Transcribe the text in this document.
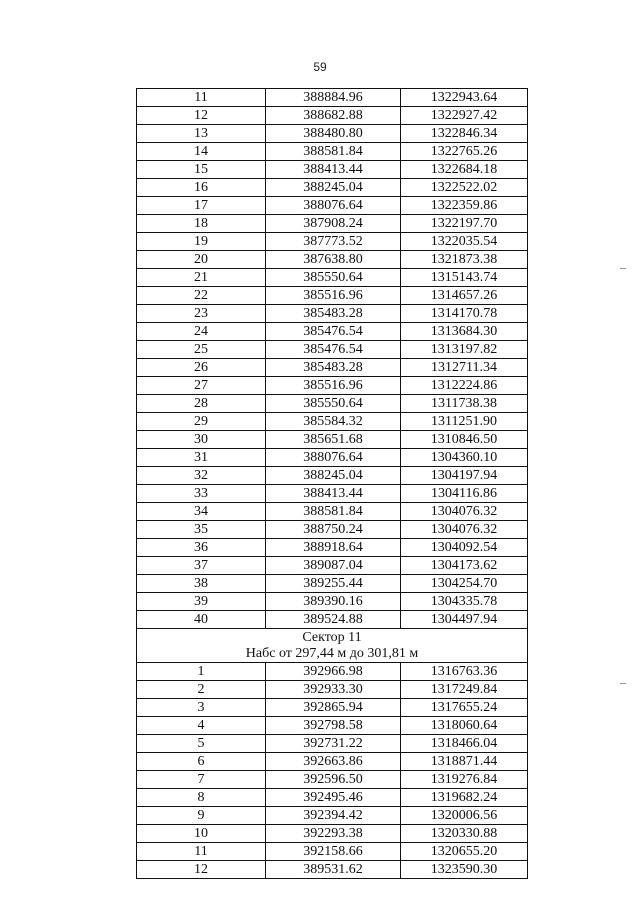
59
11	388884.96	1322943.64
12	388682.88	1322927.42
13	388480.80	1322846.34
14	388581.84	1322765.26
15	388413.44	1322684.18
16	388245.04	1322522.02
17	388076.64	1322359.86
18	387908.24	1322197.70
19	387773.52	1322035.54
20	387638.80	1321873.38
21	385550.64	1315143.74
22	385516.96	1314657.26
23	385483.28	1314170.78
24	385476.54	1313684.30
25	385476.54	1313197.82
26	385483.28	1312711.34
27	385516.96	1312224.86
28	385550.64	1311738.38
29	385584.32	1311251.90
30	385651.68	1310846.50
31	388076.64	1304360.10
32	388245.04	1304197.94
33	388413.44	1304116.86
34	388581.84	1304076.32
35	388750.24	1304076.32
36	388918.64	1304092.54
37	389087.04	1304173.62
38	389255.44	1304254.70
39	389390.16	1304335.78
40	389524.88	1304497.94

Сектор 11
Набс от 297,44 м до 301,81 м		

1	392966.98	1316763.36
2	392933.30	1317249.84
3	392865.94	1317655.24
4	392798.58	1318060.64
5	392731.22	1318466.04
6	392663.86	1318871.44
7	392596.50	1319276.84
8	392495.46	1319682.24
9	392394.42	1320006.56
10	392293.38	1320330.88
11	392158.66	1320655.20
12	389531.62	1323590.30
